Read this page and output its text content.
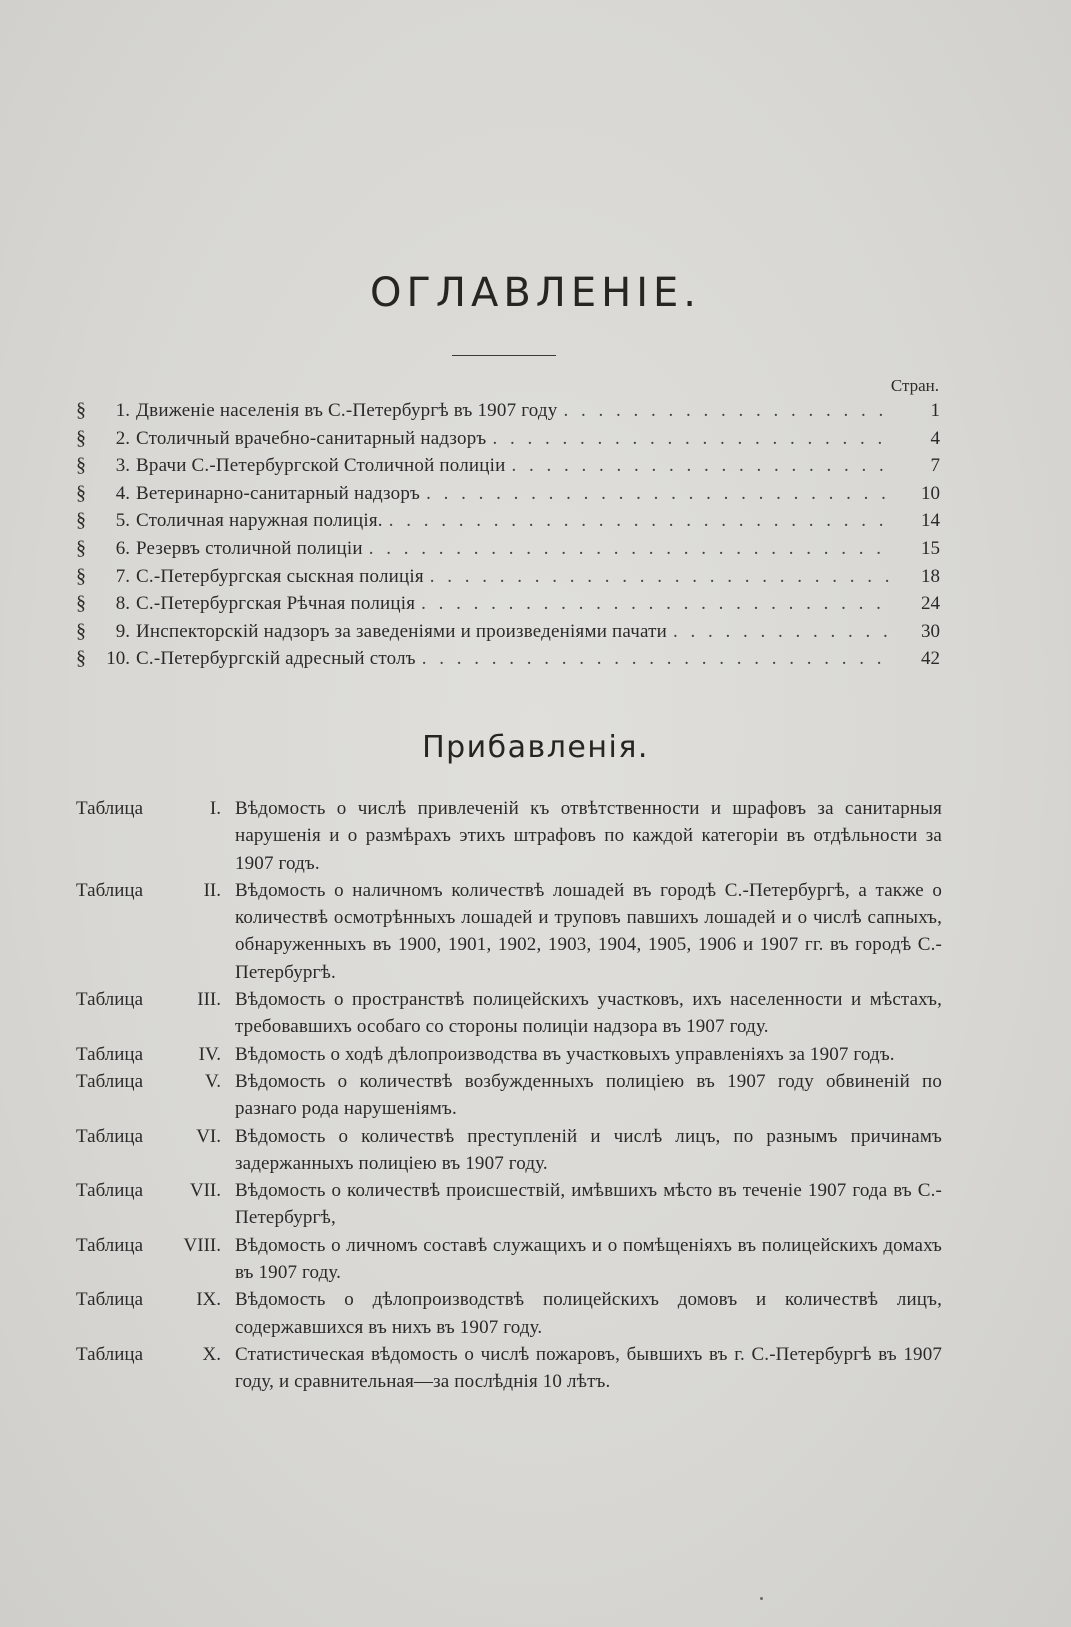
ОГЛАВЛЕНІЕ.
Стран.
§	1. Движеніе населенія въ С.-Петербургѣ въ 1907 году . . .	1
§	2. Столичный врачебно-санитарный надзоръ . . .	4
§	3. Врачи С.-Петербургской Столичной полиціи . . .	7
§	4. Ветеринарно-санитарный надзоръ . . .	10
§	5. Столичная наружная полиція. . . .	14
§	6. Резервъ столичной полиціи . . .	15
§	7. С.-Петербургская сыскная полиція . . .	18
§	8. С.-Петербургская Рѣчная полиція . . .	24
§	9. Инспекторскій надзоръ за заведеніями и произведеніями пачати . . .	30
§	10. С.-Петербургскій адресный столъ . . .	42
Прибавленія.
Таблица	I. Вѣдомость о числѣ привлеченій къ отвѣтственности и шрафовъ за санитарныя нарушенія и о размѣрахъ этихъ штрафовъ по каждой категоріи въ отдѣльности за 1907 годъ.
Таблица	II. Вѣдомость о наличномъ количествѣ лошадей въ городѣ С.-Петербургѣ, а также о количествѣ осмотрѣнныхъ лошадей и труповъ павшихъ лошадей и о числѣ сапныхъ, обнаруженныхъ въ 1900, 1901, 1902, 1903, 1904, 1905, 1906 и 1907 гг. въ городѣ С.-Петербургѣ.
Таблица	III. Вѣдомость о пространствѣ полицейскихъ участковъ, ихъ населенности и мѣстахъ, требовавшихъ особаго со стороны полиціи надзора въ 1907 году.
Таблица	IV. Вѣдомость о ходѣ дѣлопроизводства въ участковыхъ управленіяхъ за 1907 годъ.
Таблица	V. Вѣдомость о количествѣ возбужденныхъ полиціею въ 1907 году обвиненій по разнаго рода нарушеніямъ.
Таблица	VI. Вѣдомость о количествѣ преступленій и числѣ лицъ, по разнымъ причинамъ задержанныхъ полиціею въ 1907 году.
Таблица	VII. Вѣдомость о количествѣ происшествій, имѣвшихъ мѣсто въ теченіе 1907 года въ С.-Петербургѣ,
Таблица	VIII. Вѣдомость о личномъ составѣ служащихъ и о помѣщеніяхъ въ полицейскихъ домахъ въ 1907 году.
Таблица	IX. Вѣдомость о дѣлопроизводствѣ полицейскихъ домовъ и количествѣ лицъ, содержавшихся въ нихъ въ 1907 году.
Таблица	X. Статистическая вѣдомость о числѣ пожаровъ, бывшихъ въ г. С.-Петербургѣ въ 1907 году, и сравнительная—за послѣднія 10 лѣтъ.
